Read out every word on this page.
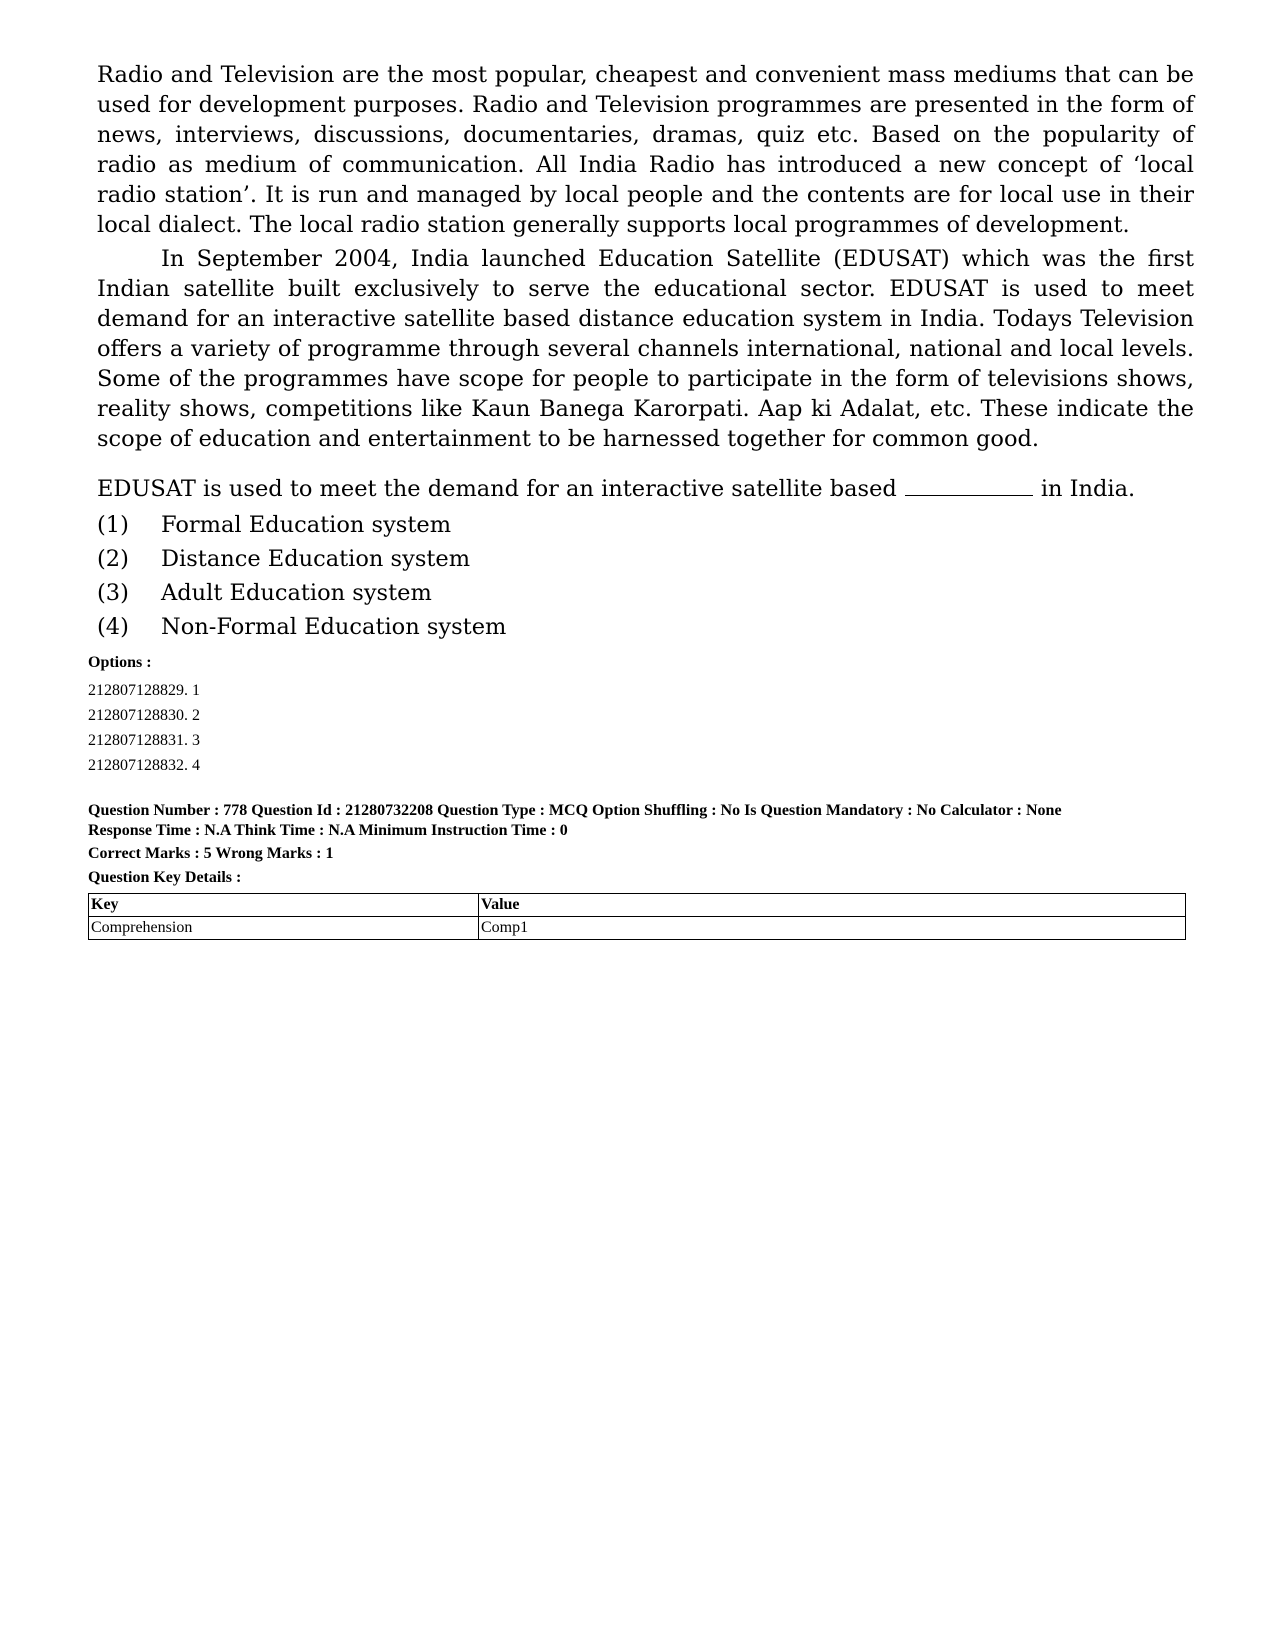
Radio and Television are the most popular, cheapest and convenient mass mediums that can be used for development purposes. Radio and Television programmes are presented in the form of news, interviews, discussions, documentaries, dramas, quiz etc. Based on the popularity of radio as medium of communication. All India Radio has introduced a new concept of ‘local radio station’. It is run and managed by local people and the contents are for local use in their local dialect. The local radio station generally supports local programmes of development.

In September 2004, India launched Education Satellite (EDUSAT) which was the first Indian satellite built exclusively to serve the educational sector. EDUSAT is used to meet demand for an interactive satellite based distance education system in India. Todays Television offers a variety of programme through several channels international, national and local levels. Some of the programmes have scope for people to participate in the form of televisions shows, reality shows, competitions like Kaun Banega Karorpati. Aap ki Adalat, etc. These indicate the scope of education and entertainment to be harnessed together for common good.

EDUSAT is used to meet the demand for an interactive satellite based	in India.
(1)	Formal Education system
(2)	Distance Education system
(3)	Adult Education system
(4)	Non-Formal Education system
Options :
212807128829. 1
212807128830. 2
212807128831. 3
212807128832. 4
Question Number : 778 Question Id : 21280732208 Question Type : MCQ Option Shuffling : No Is Question Mandatory : No Calculator : None
Response Time : N.A Think Time : N.A Minimum Instruction Time : 0
Correct Marks : 5 Wrong Marks : 1
Question Key Details :
Key	Value
Comprehension	Comp1
